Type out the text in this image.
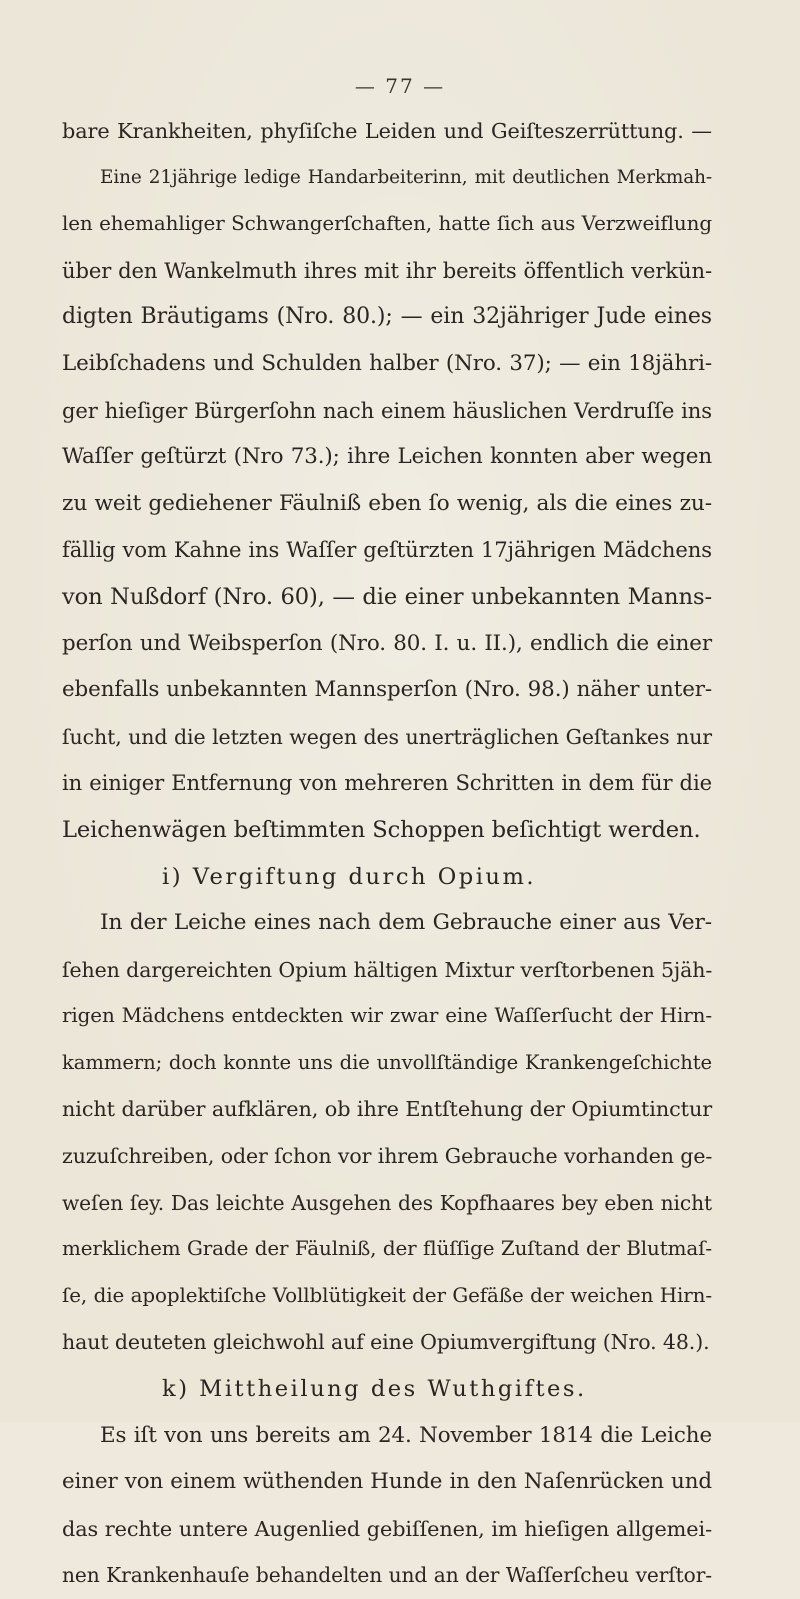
— 77 —
bare Krankheiten, phyſiſche Leiden und Geiſteszerrüttung. —
Eine 21jährige ledige Handarbeiterinn, mit deutlichen Merkmah-
len ehemahliger Schwangerſchaften, hatte ſich aus Verzweiflung
über den Wankelmuth ihres mit ihr bereits öffentlich verkün-
digten Bräutigams (Nro. 80.); — ein 32jähriger Jude eines
Leibſchadens und Schulden halber (Nro. 37); — ein 18jähri-
ger hieſiger Bürgerſohn nach einem häuslichen Verdruſſe ins
Waſſer geſtürzt (Nro 73.); ihre Leichen konnten aber wegen
zu weit gediehener Fäulniß eben ſo wenig, als die eines zu-
fällig vom Kahne ins Waſſer geſtürzten 17jährigen Mädchens
von Nußdorf (Nro. 60), — die einer unbekannten Manns-
perſon und Weibsperſon (Nro. 80. I. u. II.), endlich die einer
ebenfalls unbekannten Mannsperſon (Nro. 98.) näher unter-
ſucht, und die letzten wegen des unerträglichen Geſtankes nur
in einiger Entfernung von mehreren Schritten in dem für die
Leichenwägen beſtimmten Schoppen beſichtigt werden.
i) Vergiftung durch Opium.
In der Leiche eines nach dem Gebrauche einer aus Ver-
ſehen dargereichten Opium hältigen Mixtur verſtorbenen 5jäh-
rigen Mädchens entdeckten wir zwar eine Waſſerſucht der Hirn-
kammern; doch konnte uns die unvollſtändige Krankengeſchichte
nicht darüber aufklären, ob ihre Entſtehung der Opiumtinctur
zuzuſchreiben, oder ſchon vor ihrem Gebrauche vorhanden ge-
weſen ſey. Das leichte Ausgehen des Kopfhaares bey eben nicht
merklichem Grade der Fäulniß, der flüſſige Zuſtand der Blutmaſ-
ſe, die apoplektiſche Vollblütigkeit der Gefäße der weichen Hirn-
haut deuteten gleichwohl auf eine Opiumvergiftung (Nro. 48.).
k) Mittheilung des Wuthgiftes.
Es iſt von uns bereits am 24. November 1814 die Leiche
einer von einem wüthenden Hunde in den Naſenrücken und
das rechte untere Augenlied gebiſſenen, im hieſigen allgemei-
nen Krankenhauſe behandelten und an der Waſſerſcheu verſtor-
